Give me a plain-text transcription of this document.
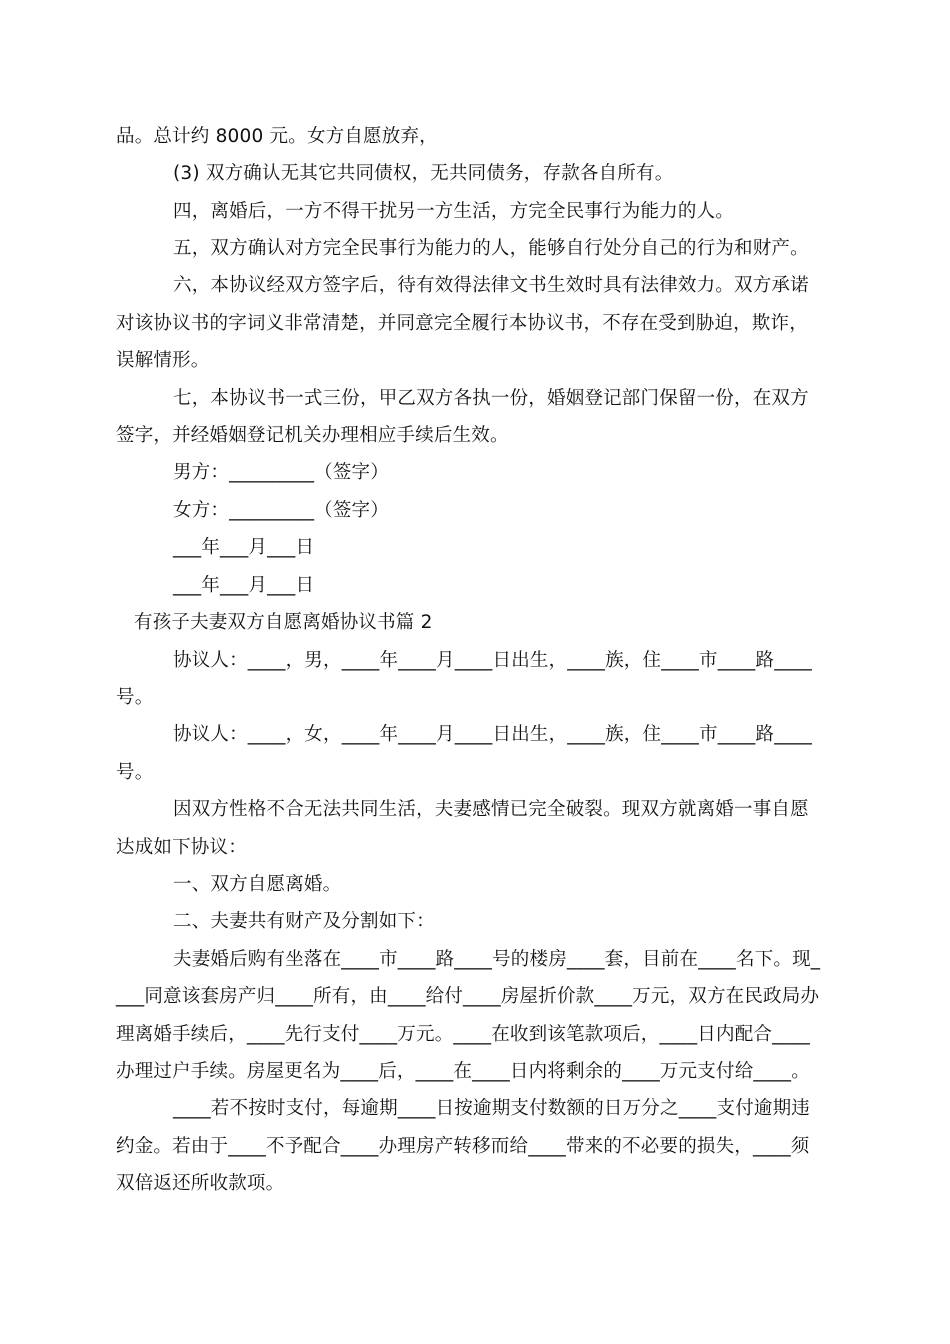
品。总计约 8000 元。女方自愿放弃，
(3) 双方确认无其它共同债权，无共同债务，存款各自所有。
四，离婚后，一方不得干扰另一方生活，方完全民事行为能力的人。
五，双方确认对方完全民事行为能力的人，能够自行处分自己的行为和财产。
六，本协议经双方签字后，待有效得法律文书生效时具有法律效力。双方承诺
对该协议书的字词义非常清楚，并同意完全履行本协议书，不存在受到胁迫，欺诈，
误解情形。
七，本协议书一式三份，甲乙双方各执一份，婚姻登记部门保留一份，在双方
签字，并经婚姻登记机关办理相应手续后生效。
男方：_________（签字）
女方：_________（签字）
___年___月___日
___年___月___日
有孩子夫妻双方自愿离婚协议书篇 2
协议人：____，男，____年____月____日出生，____族，住____市____路____
号。
协议人：____，女，____年____月____日出生，____族，住____市____路____
号。
因双方性格不合无法共同生活，夫妻感情已完全破裂。现双方就离婚一事自愿
达成如下协议：
一、双方自愿离婚。
二、夫妻共有财产及分割如下：
夫妻婚后购有坐落在____市____路____号的楼房____套，目前在____名下。现_
___同意该套房产归____所有，由____给付____房屋折价款____万元，双方在民政局办
理离婚手续后，____先行支付____万元。____在收到该笔款项后，____日内配合____
办理过户手续。房屋更名为____后，____在____日内将剩余的____万元支付给____。
____若不按时支付，每逾期____日按逾期支付数额的日万分之____支付逾期违
约金。若由于____不予配合____办理房产转移而给____带来的不必要的损失，____须
双倍返还所收款项。
